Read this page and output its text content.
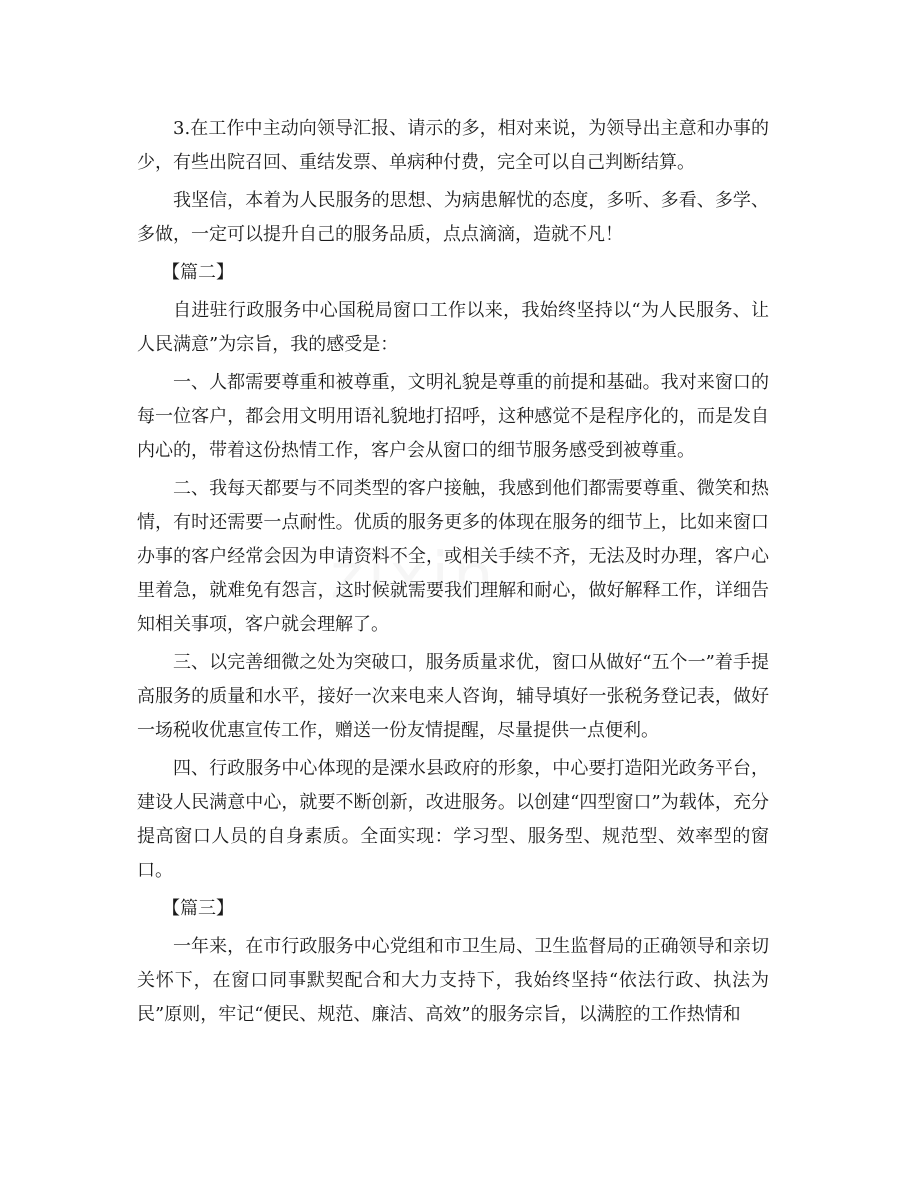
3.在工作中主动向领导汇报、请示的多，相对来说，为领导出主意和办事的少，有些出院召回、重结发票、单病种付费，完全可以自己判断结算。

我坚信，本着为人民服务的思想、为病患解忧的态度，多听、多看、多学、多做，一定可以提升自己的服务品质，点点滴滴，造就不凡！

【篇二】

自进驻行政服务中心国税局窗口工作以来，我始终坚持以“为人民服务、让人民满意”为宗旨，我的感受是：

一、人都需要尊重和被尊重，文明礼貌是尊重的前提和基础。我对来窗口的每一位客户，都会用文明用语礼貌地打招呼，这种感觉不是程序化的，而是发自内心的，带着这份热情工作，客户会从窗口的细节服务感受到被尊重。

二、我每天都要与不同类型的客户接触，我感到他们都需要尊重、微笑和热情，有时还需要一点耐性。优质的服务更多的体现在服务的细节上，比如来窗口办事的客户经常会因为申请资料不全，或相关手续不齐，无法及时办理，客户心里着急，就难免有怨言，这时候就需要我们理解和耐心，做好解释工作，详细告知相关事项，客户就会理解了。

三、以完善细微之处为突破口，服务质量求优，窗口从做好“五个一”着手提高服务的质量和水平，接好一次来电来人咨询，辅导填好一张税务登记表，做好一场税收优惠宣传工作，赠送一份友情提醒，尽量提供一点便利。

四、行政服务中心体现的是溧水县政府的形象，中心要打造阳光政务平台，建设人民满意中心，就要不断创新，改进服务。以创建“四型窗口”为载体，充分提高窗口人员的自身素质。全面实现：学习型、服务型、规范型、效率型的窗口。

【篇三】

一年来，在市行政服务中心党组和市卫生局、卫生监督局的正确领导和亲切关怀下，在窗口同事默契配合和大力支持下，我始终坚持“依法行政、执法为民”原则，牢记“便民、规范、廉洁、高效”的服务宗旨，以满腔的工作热情和
